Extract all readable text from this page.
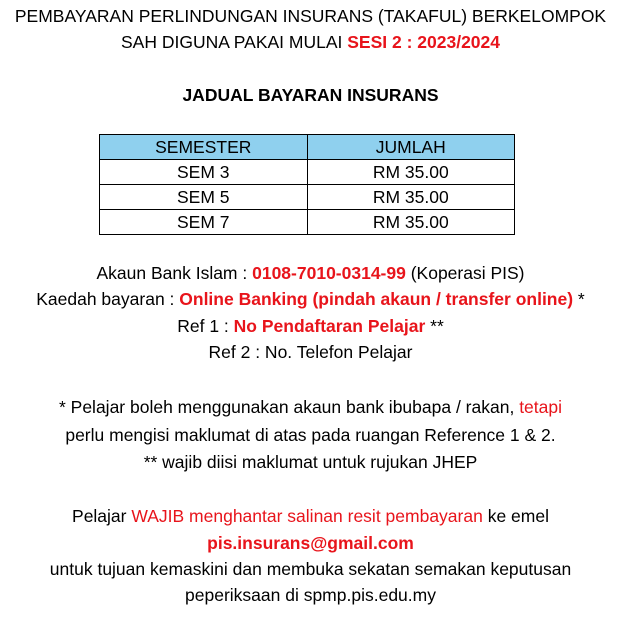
PEMBAYARAN PERLINDUNGAN INSURANS (TAKAFUL) BERKELOMPOK
SAH DIGUNA PAKAI MULAI SESI 2 : 2023/2024
JADUAL BAYARAN INSURANS
SEMESTER	JUMLAH
SEM 3	RM 35.00
SEM 5	RM 35.00
SEM 7	RM 35.00
Akaun Bank Islam : 0108-7010-0314-99 (Koperasi PIS)
Kaedah bayaran : Online Banking (pindah akaun / transfer online) *
Ref 1 : No Pendaftaran Pelajar **
Ref 2 : No. Telefon Pelajar
* Pelajar boleh menggunakan akaun bank ibubapa / rakan, tetapi
perlu mengisi maklumat di atas pada ruangan Reference 1 & 2.
** wajib diisi maklumat untuk rujukan JHEP
Pelajar WAJIB menghantar salinan resit pembayaran ke emel
pis.insurans@gmail.com
untuk tujuan kemaskini dan membuka sekatan semakan keputusan
peperiksaan di spmp.pis.edu.my
